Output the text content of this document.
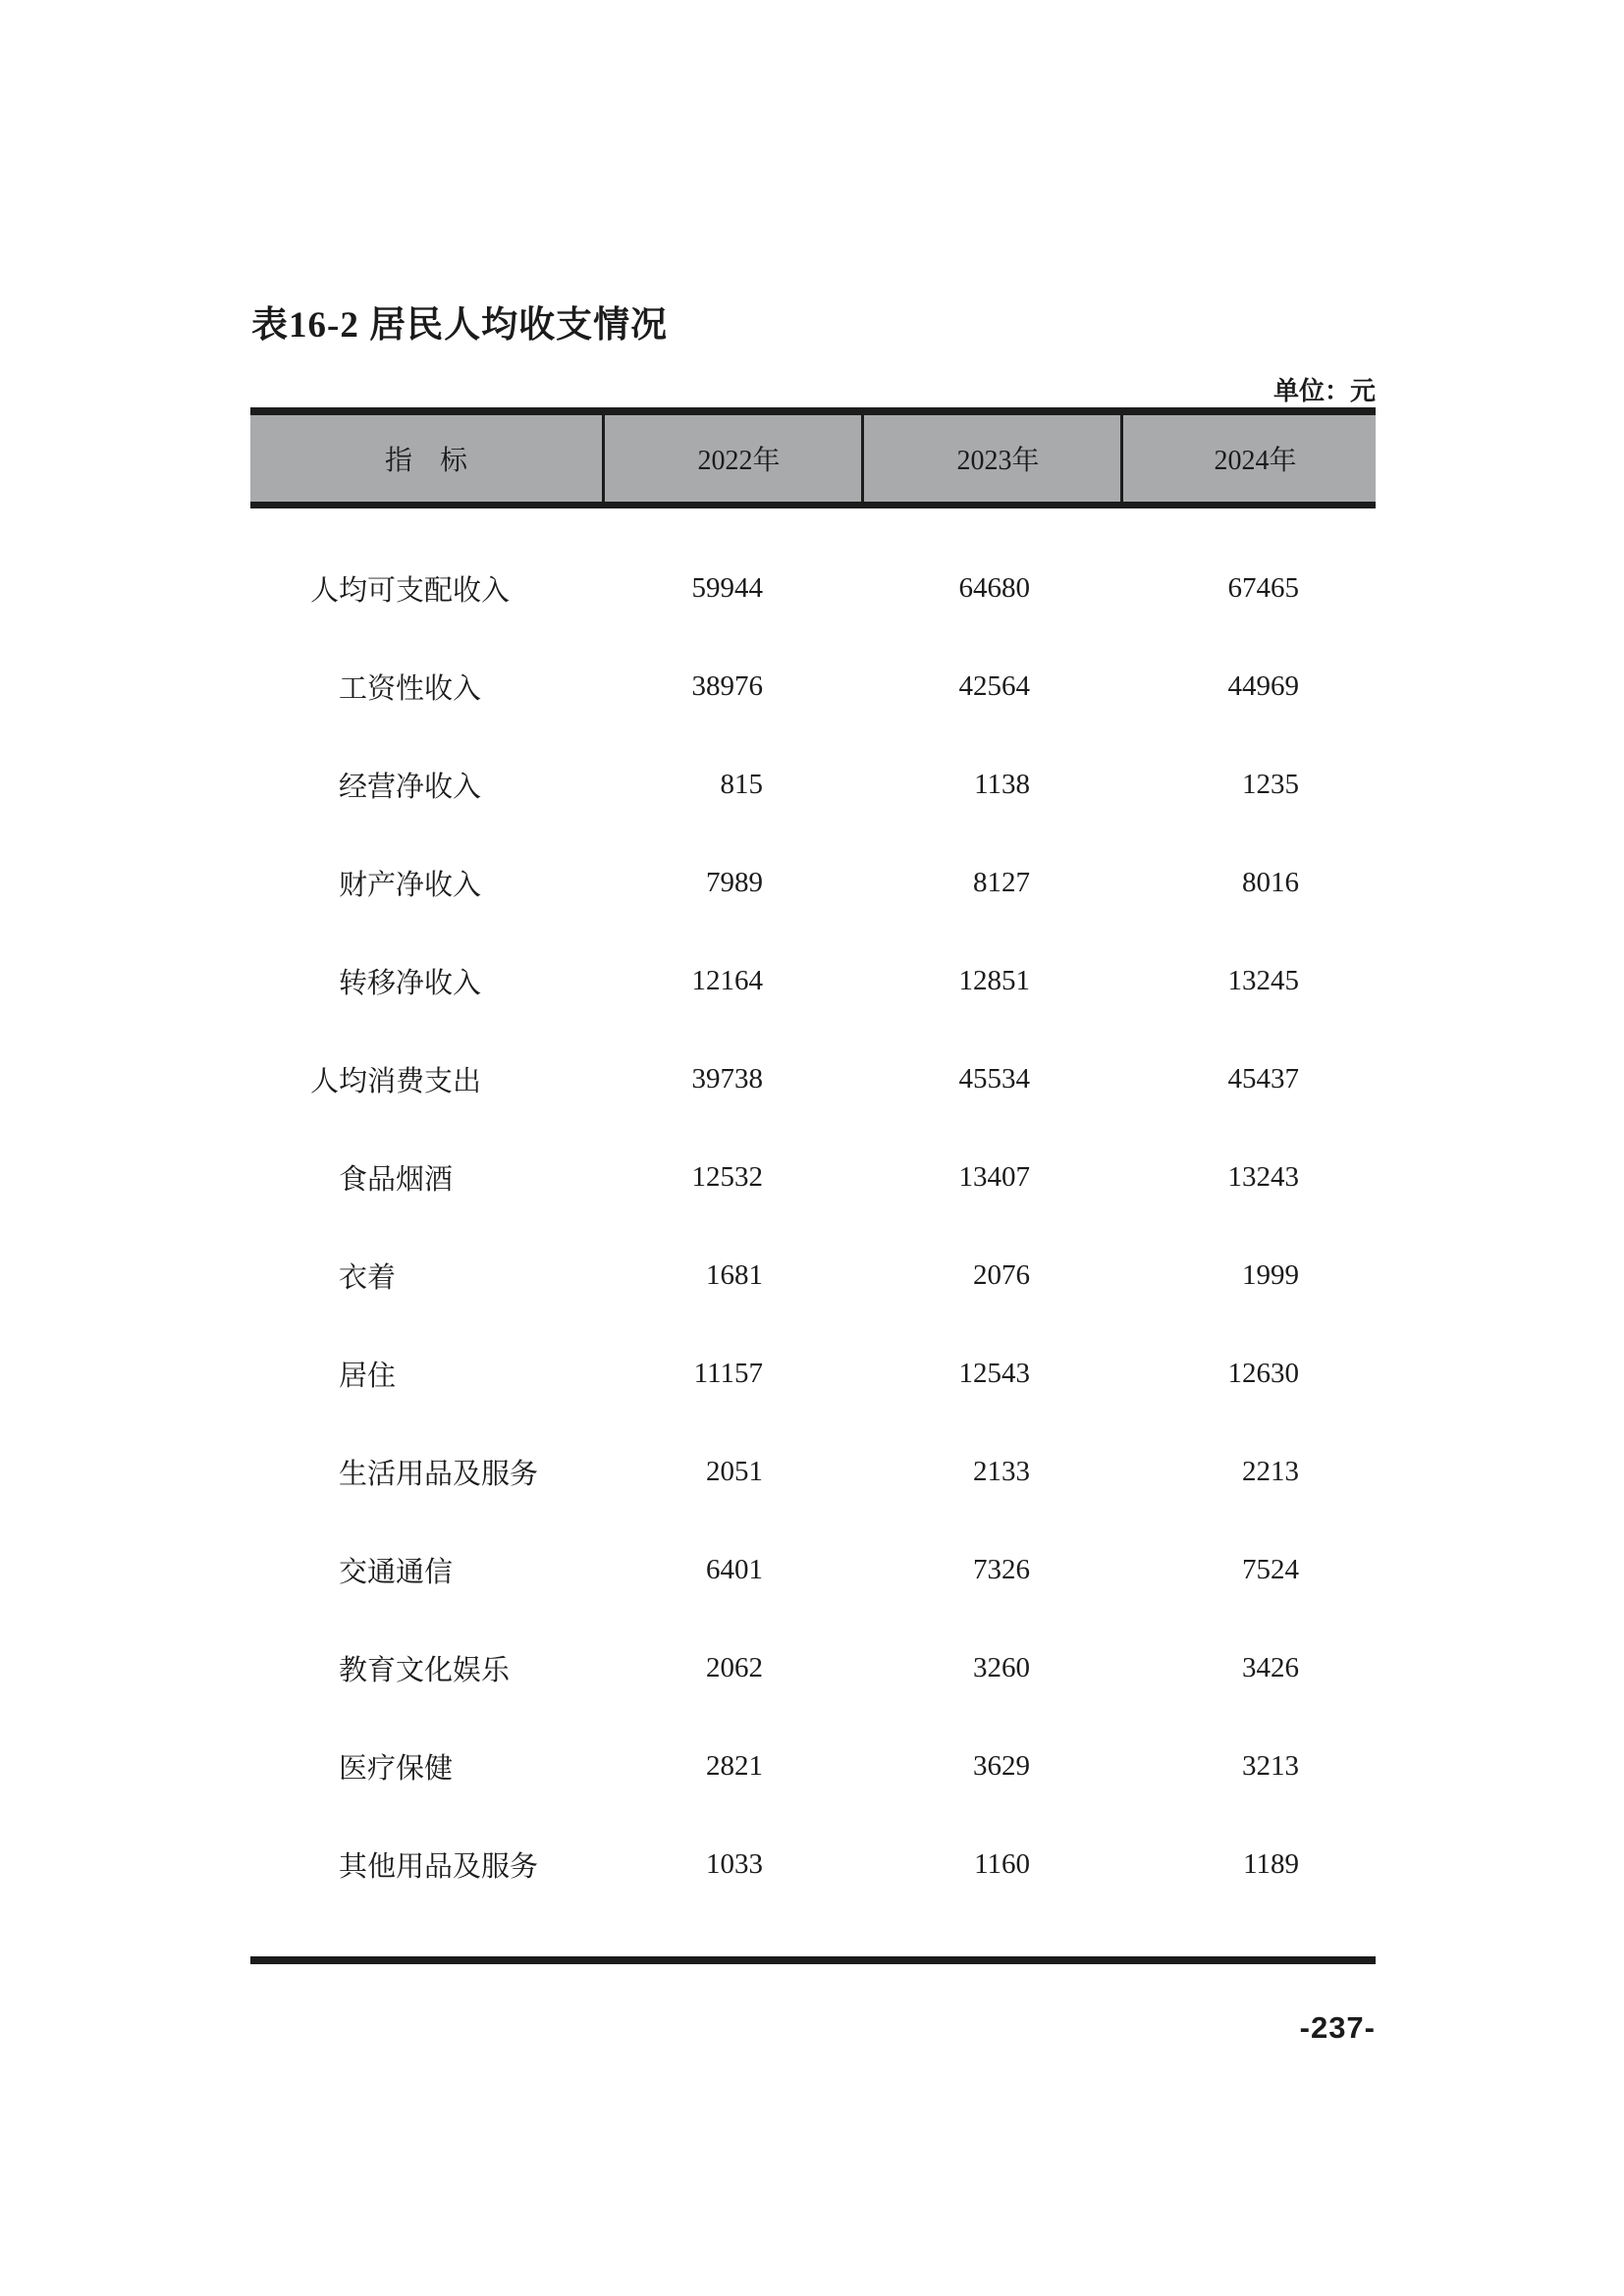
表16-2 居民人均收支情况
单位：元
指　标	2022年	2023年	2024年
人均可支配收入	59944	64680	67465
工资性收入	38976	42564	44969
经营净收入	815	1138	1235
财产净收入	7989	8127	8016
转移净收入	12164	12851	13245
人均消费支出	39738	45534	45437
食品烟酒	12532	13407	13243
衣着	1681	2076	1999
居住	11157	12543	12630
生活用品及服务	2051	2133	2213
交通通信	6401	7326	7524
教育文化娱乐	2062	3260	3426
医疗保健	2821	3629	3213
其他用品及服务	1033	1160	1189
-237-
